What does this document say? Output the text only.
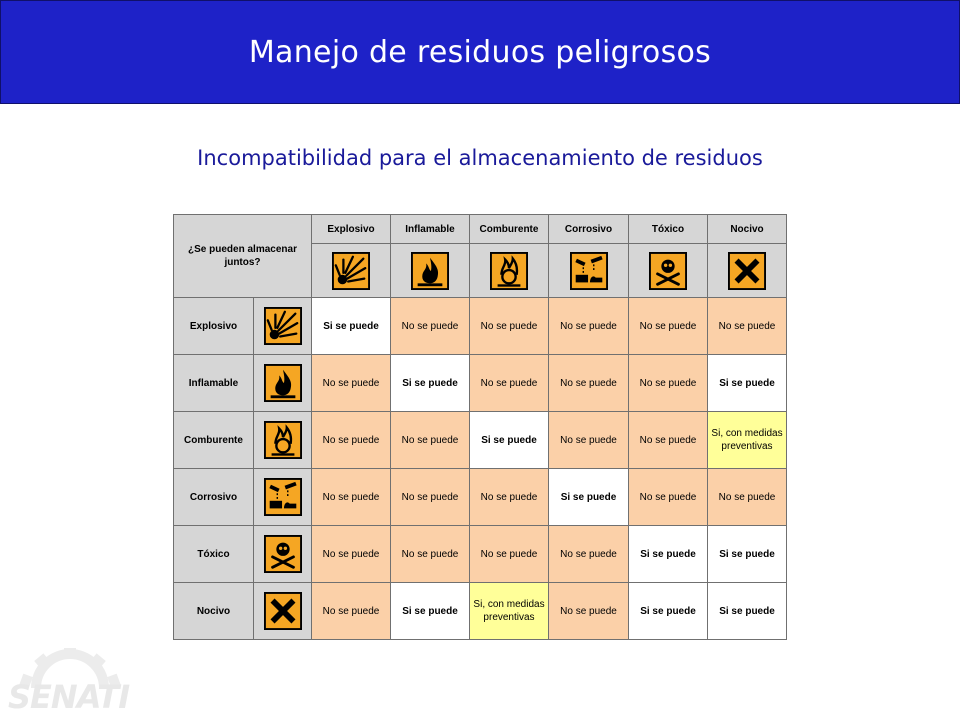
Manejo de residuos peligrosos
Incompatibilidad para el almacenamiento de residuos
¿Se pueden almacenar juntos?		Explosivo	Inflamable	Comburente	Corrosivo	Tóxico	Nocivo

Explosivo		Si se puede	No se puede	No se puede	No se puede	No se puede	No se puede
Inflamable		No se puede	Si se puede	No se puede	No se puede	No se puede	Si se puede
Comburente		No se puede	No se puede	Si se puede	No se puede	No se puede	Si, con medidas preventivas
Corrosivo		No se puede	No se puede	No se puede	Si se puede	No se puede	No se puede
Tóxico		No se puede	No se puede	No se puede	No se puede	Si se puede	Si se puede
Nocivo		No se puede	Si se puede	Si, con medidas preventivas	No se puede	Si se puede	Si se puede
SENATI
